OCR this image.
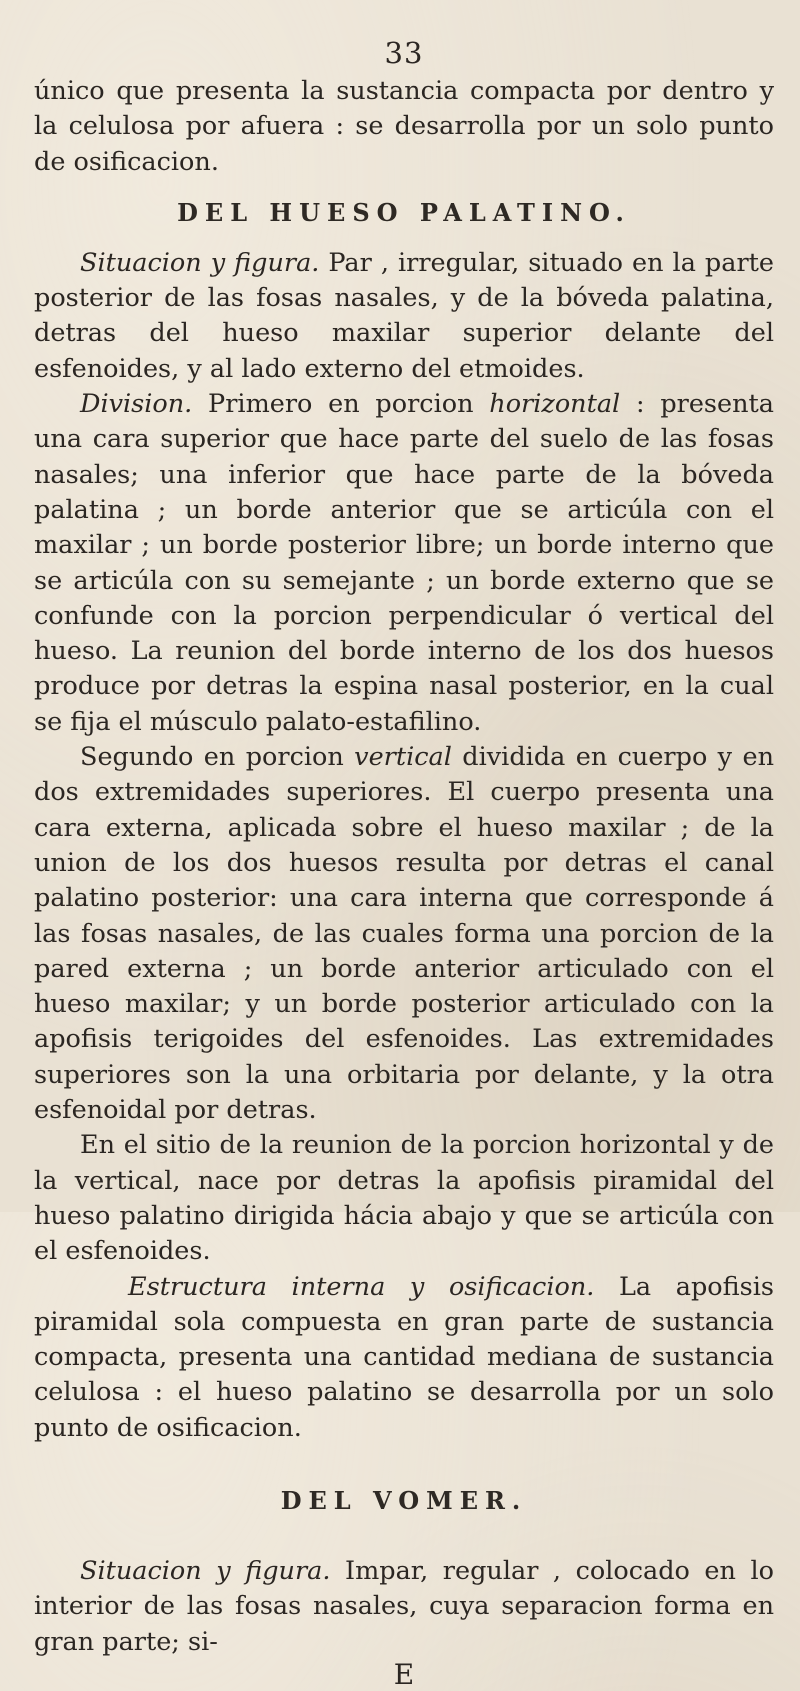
33

único que presenta la sustancia compacta por dentro y la celulosa por afuera : se desarrolla por un solo punto de osificacion.

DEL HUESO PALATINO.

Situacion y figura. Par , irregular, situado en la parte posterior de las fosas nasales, y de la bóveda palatina, detras del hueso maxilar superior delante del esfenoides, y al lado externo del etmoides.

Division. Primero en porcion horizontal : presenta una cara superior que hace parte del suelo de las fosas nasales; una inferior que hace parte de la bóveda palatina ; un borde anterior que se articúla con el maxilar ; un borde posterior libre; un borde interno que se articúla con su semejante ; un borde externo que se confunde con la porcion perpendicular ó vertical del hueso. La reunion del borde interno de los dos huesos produce por detras la espina nasal posterior, en la cual se fija el músculo palato-estafilino.

Segundo en porcion vertical dividida en cuerpo y en dos extremidades superiores. El cuerpo presenta una cara externa, aplicada sobre el hueso maxilar ; de la union de los dos huesos resulta por detras el canal palatino posterior: una cara interna que corresponde á las fosas nasales, de las cuales forma una porcion de la pared externa ; un borde anterior articulado con el hueso maxilar; y un borde posterior articulado con la apofisis terigoides del esfenoides. Las extremidades superiores son la una orbitaria por delante, y la otra esfenoidal por detras.

En el sitio de la reunion de la porcion horizontal y de la vertical, nace por detras la apofisis piramidal del hueso palatino dirigida hácia abajo y que se articúla con el esfenoides.

Estructura interna y osificacion. La apofisis piramidal sola compuesta en gran parte de sustancia compacta, presenta una cantidad mediana de sustancia celulosa : el hueso palatino se desarrolla por un solo punto de osificacion.

DEL VOMER.

Situacion y figura. Impar, regular , colocado en lo interior de las fosas nasales, cuya separacion forma en gran parte; si-

E
